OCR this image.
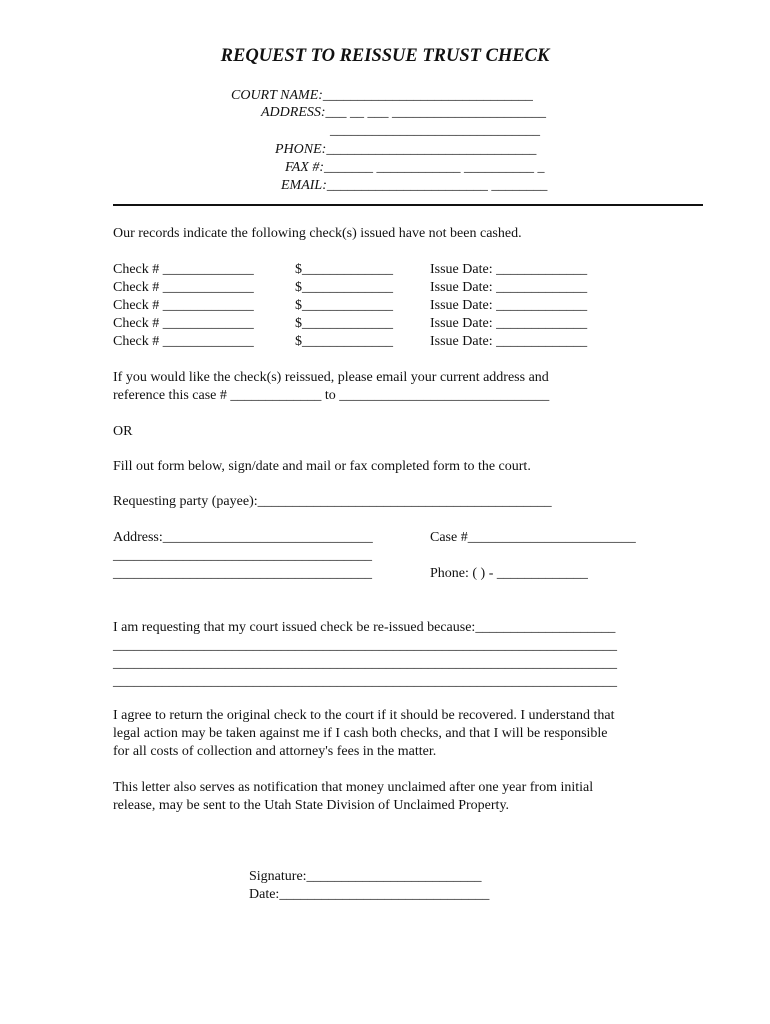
REQUEST TO REISSUE TRUST CHECK
COURT NAME:______________________________
ADDRESS:___ __ ___ ______________________
______________________________
PHONE:______________________________
FAX #:_______ ____________ __________ _
EMAIL:_______________________ ________
Our records indicate the following check(s) issued have not been cashed.
Check # _____________	$_____________	Issue Date: _____________
Check # _____________	$_____________	Issue Date: _____________
Check # _____________	$_____________	Issue Date: _____________
Check # _____________	$_____________	Issue Date: _____________
Check # _____________	$_____________	Issue Date: _____________
If you would like the check(s) reissued, please email your current address and
reference this case # _____________ to ______________________________
OR
Fill out form below, sign/date and mail or fax completed form to the court.
Requesting party (payee):__________________________________________
Address:______________________________	Case #________________________
_____________________________________
_____________________________________	Phone: ( ) - _____________
I am requesting that my court issued check be re-issued because:____________________
________________________________________________________________________
________________________________________________________________________
________________________________________________________________________
I agree to return the original check to the court if it should be recovered. I understand that
legal action may be taken against me if I cash both checks, and that I will be responsible
for all costs of collection and attorney's fees in the matter.
This letter also serves as notification that money unclaimed after one year from initial
release, may be sent to the Utah State Division of Unclaimed Property.
Signature:_________________________
Date:______________________________
